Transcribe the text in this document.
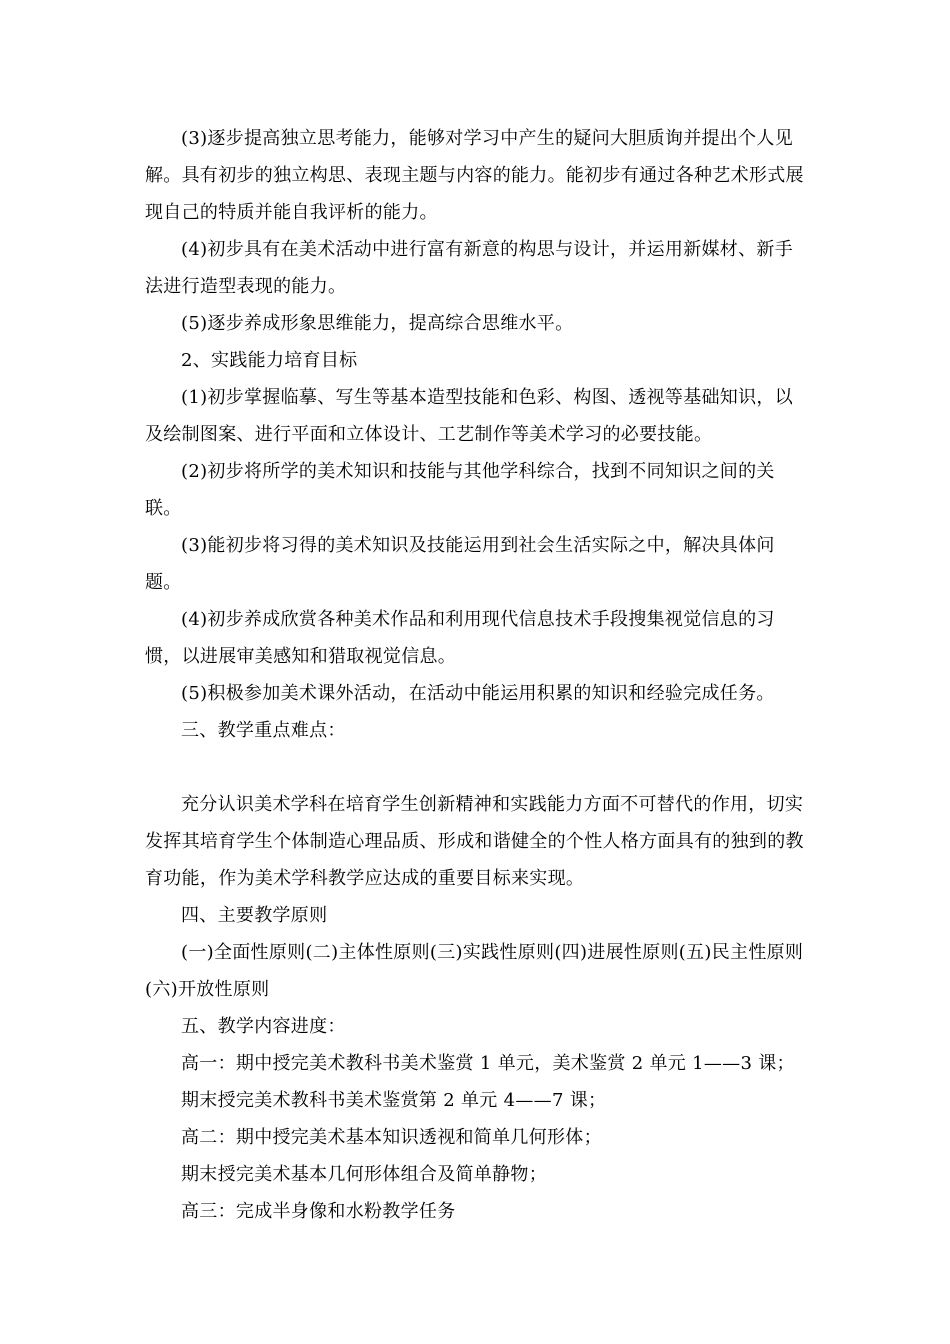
(3)逐步提高独立思考能力，能够对学习中产生的疑问大胆质询并提出个人见解。具有初步的独立构思、表现主题与内容的能力。能初步有通过各种艺术形式展现自己的特质并能自我评析的能力。

(4)初步具有在美术活动中进行富有新意的构思与设计，并运用新媒材、新手法进行造型表现的能力。

(5)逐步养成形象思维能力，提高综合思维水平。

2、实践能力培育目标

(1)初步掌握临摹、写生等基本造型技能和色彩、构图、透视等基础知识，以及绘制图案、进行平面和立体设计、工艺制作等美术学习的必要技能。

(2)初步将所学的美术知识和技能与其他学科综合，找到不同知识之间的关联。

(3)能初步将习得的美术知识及技能运用到社会生活实际之中，解决具体问题。

(4)初步养成欣赏各种美术作品和利用现代信息技术手段搜集视觉信息的习惯，以进展审美感知和猎取视觉信息。

(5)积极参加美术课外活动，在活动中能运用积累的知识和经验完成任务。

三、教学重点难点：

充分认识美术学科在培育学生创新精神和实践能力方面不可替代的作用，切实发挥其培育学生个体制造心理品质、形成和谐健全的个性人格方面具有的独到的教育功能，作为美术学科教学应达成的重要目标来实现。

四、主要教学原则

(一)全面性原则(二)主体性原则(三)实践性原则(四)进展性原则(五)民主性原则(六)开放性原则

五、教学内容进度：

高一：期中授完美术教科书美术鉴赏 1 单元，美术鉴赏 2 单元 1——3 课；

期末授完美术教科书美术鉴赏第 2 单元 4——7 课；

高二：期中授完美术基本知识透视和简单几何形体；

期末授完美术基本几何形体组合及简单静物；

高三：完成半身像和水粉教学任务
